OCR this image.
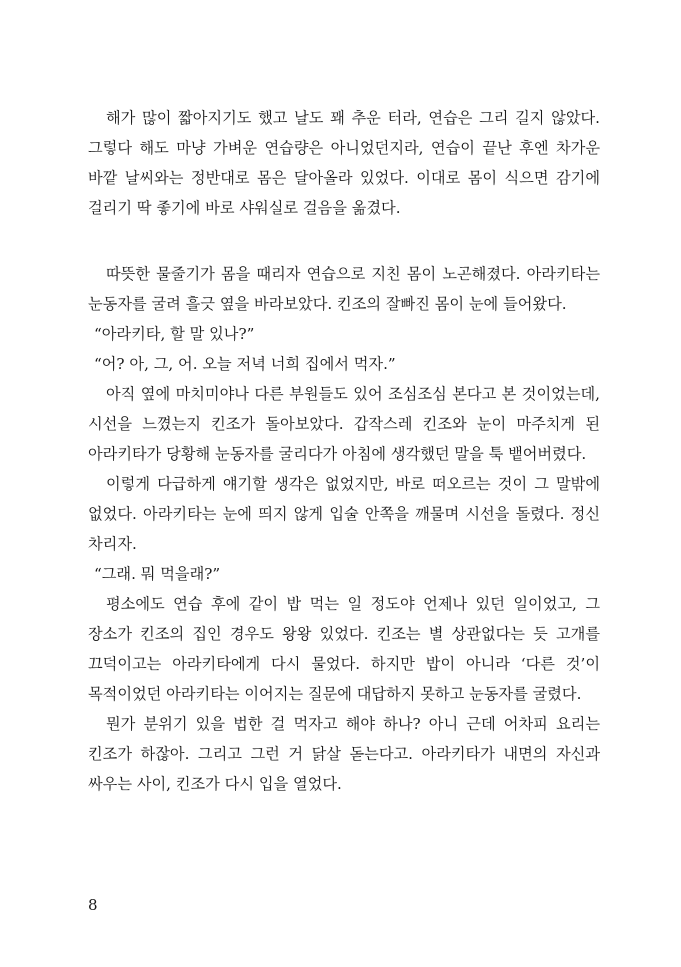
해가 많이 짧아지기도 했고 날도 꽤 추운 터라, 연습은 그리 길지 않았다. 그렇다 해도 마냥 가벼운 연습량은 아니었던지라, 연습이 끝난 후엔 차가운 바깥 날씨와는 정반대로 몸은 달아올라 있었다. 이대로 몸이 식으면 감기에 걸리기 딱 좋기에 바로 샤워실로 걸음을 옮겼다.

따뜻한 물줄기가 몸을 때리자 연습으로 지친 몸이 노곤해졌다. 아라키타는 눈동자를 굴려 흘긋 옆을 바라보았다. 킨조의 잘빠진 몸이 눈에 들어왔다.

“아라키타, 할 말 있나?”

“어? 아, 그, 어. 오늘 저녁 너희 집에서 먹자.”

아직 옆에 마치미야나 다른 부원들도 있어 조심조심 본다고 본 것이었는데, 시선을 느꼈는지 킨조가 돌아보았다. 갑작스레 킨조와 눈이 마주치게 된 아라키타가 당황해 눈동자를 굴리다가 아침에 생각했던 말을 툭 뱉어버렸다.

이렇게 다급하게 얘기할 생각은 없었지만, 바로 떠오르는 것이 그 말밖에 없었다. 아라키타는 눈에 띄지 않게 입술 안쪽을 깨물며 시선을 돌렸다. 정신 차리자.

“그래. 뭐 먹을래?”

평소에도 연습 후에 같이 밥 먹는 일 정도야 언제나 있던 일이었고, 그 장소가 킨조의 집인 경우도 왕왕 있었다. 킨조는 별 상관없다는 듯 고개를 끄덕이고는 아라키타에게 다시 물었다. 하지만 밥이 아니라 ‘다른 것’이 목적이었던 아라키타는 이어지는 질문에 대답하지 못하고 눈동자를 굴렸다.

뭔가 분위기 있을 법한 걸 먹자고 해야 하나? 아니 근데 어차피 요리는 킨조가 하잖아. 그리고 그런 거 닭살 돋는다고. 아라키타가 내면의 자신과 싸우는 사이, 킨조가 다시 입을 열었다.

8
